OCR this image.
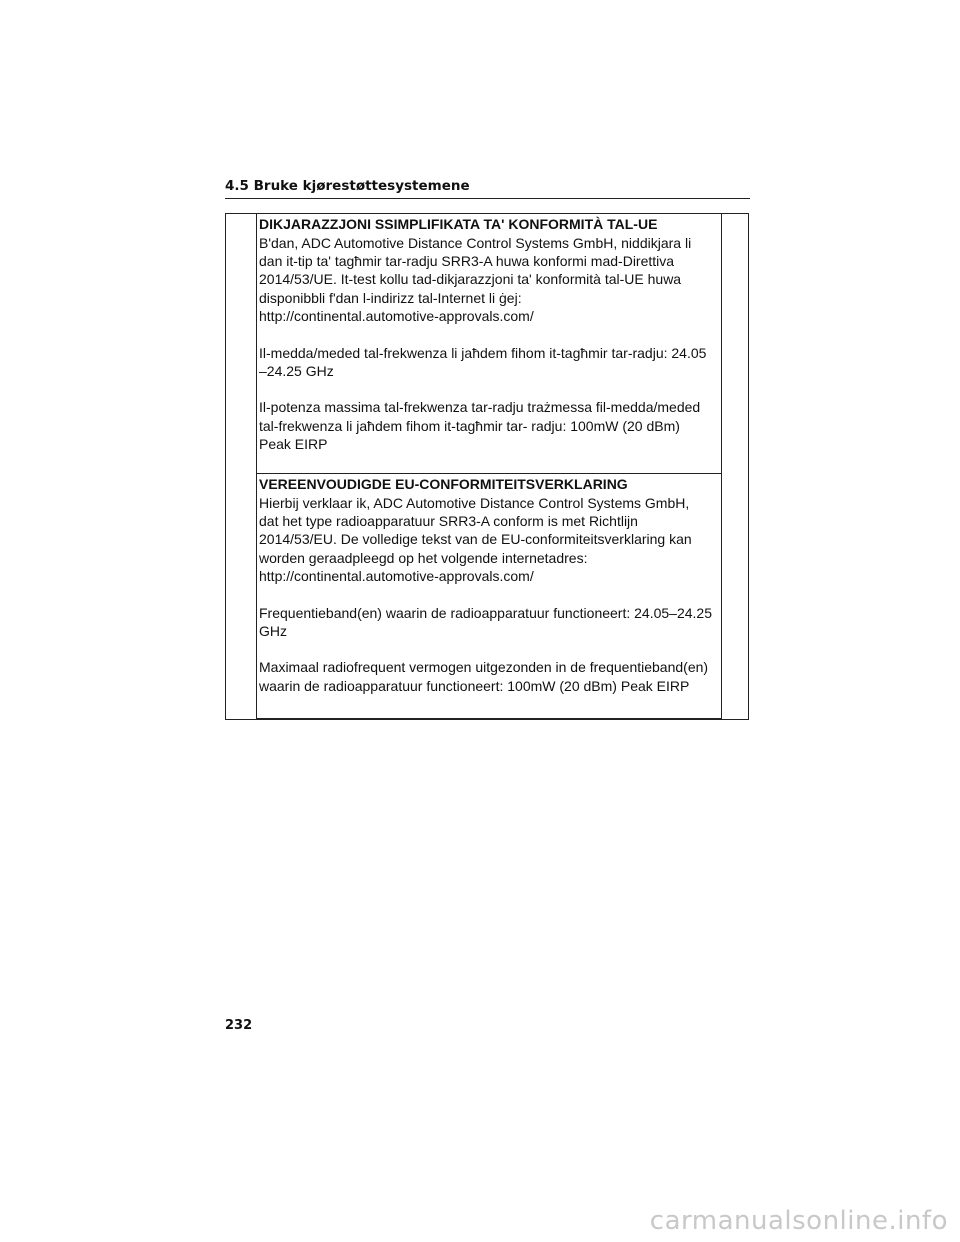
4.5 Bruke kjørestøttesystemene
DIKJARAZZJONI SSIMPLIFIKATA TA' KONFORMITÀ TAL-UE

B'dan, ADC Automotive Distance Control Systems GmbH, niddikjara li
dan it-tip ta' tagħmir tar-radju SRR3-A huwa konformi mad-Direttiva
2014/53/UE. It-test kollu tad-dikjarazzjoni ta' konformità tal-UE huwa
disponibbli f'dan l-indirizz tal-Internet li ġej:
http://continental.automotive-approvals.com/

Il-medda/meded tal-frekwenza li jaħdem fihom it-tagħmir tar-radju: 24.05
–24.25 GHz

Il-potenza massima tal-frekwenza tar-radju trażmessa fil-medda/meded
tal-frekwenza li jaħdem fihom it-tagħmir tar- radju: 100mW (20 dBm)
Peak EIRP

VEREENVOUDIGDE EU-CONFORMITEITSVERKLARING

Hierbij verklaar ik, ADC Automotive Distance Control Systems GmbH,
dat het type radioapparatuur SRR3-A conform is met Richtlijn
2014/53/EU. De volledige tekst van de EU-conformiteitsverklaring kan
worden geraadpleegd op het volgende internetadres:
http://continental.automotive-approvals.com/

Frequentieband(en) waarin de radioapparatuur functioneert: 24.05–24.25
GHz

Maximaal radiofrequent vermogen uitgezonden in de frequentieband(en)
waarin de radioapparatuur functioneert: 100mW (20 dBm) Peak EIRP

232
carmanualsonline.info
